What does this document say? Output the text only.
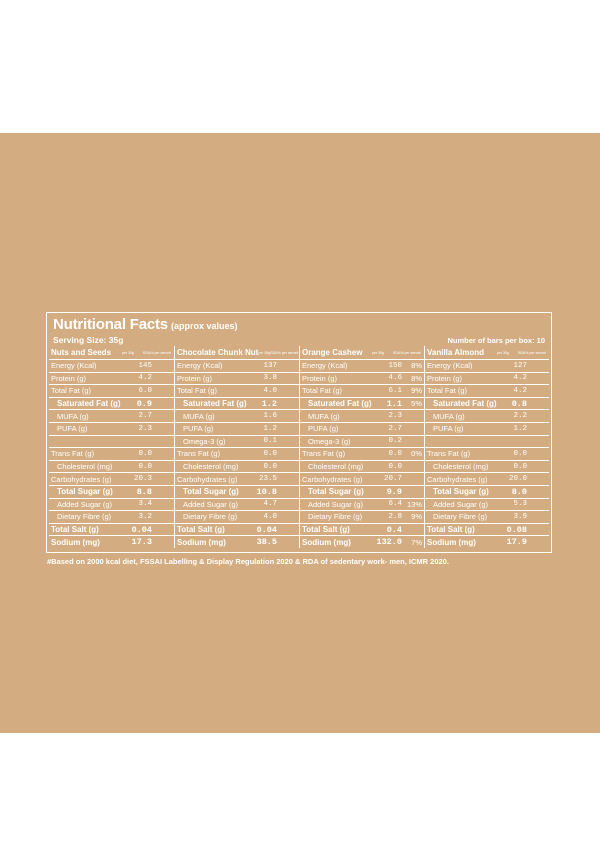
Nutritional Facts (approx values)
Serving Size: 35g	Number of bars per box: 10
Nuts and Seeds	per 35g	RDA% per serve#
Energy (Kcal)	145
Protein (g)	4.2
Total Fat (g)	6.0
Saturated Fat (g)	0.9
MUFA (g)	2.7
PUFA (g)	2.3
Trans Fat (g)	0.0
Cholesterol (mg)	0.0
Carbohydrates (g)	20.3
Total Sugar (g)	8.8
Added Sugar (g)	3.4
Dietary Fibre (g)	3.2
Total Salt (g)	0.04
Sodium (mg)	17.3
Chocolate Chunk Nut per 35g RDA% per serve#
Energy (Kcal)	137
Protein (g)	3.8
Total Fat (g)	4.0
Saturated Fat (g)	1.2
MUFA (g)	1.6
PUFA (g)	1.2
Omega-3 (g)	0.1
Trans Fat (g)	0.0
Cholesterol (mg)	0.0
Carbohydrates (g)	23.5
Total Sugar (g)	10.8
Added Sugar (g)	4.7
Dietary Fibre (g)	4.0
Total Salt (g)	0.04
Sodium (mg)	38.5
Orange Cashew	per 35g	RDA% per serve#
Energy (Kcal)	150	8%
Protein (g)	4.6	8%
Total Fat (g)	6.1	9%
Saturated Fat (g)	1.1	5%
MUFA (g)	2.3
PUFA (g)	2.7
Omega-3 (g)	0.2
Trans Fat (g)	0.0	0%
Cholesterol (mg)	0.0
Carbohydrates (g)	20.7
Total Sugar (g)	9.9
Added Sugar (g)	6.4 13%
Dietary Fibre (g)	2.8	9%
Total Salt (g)	0.4
Sodium (mg)	132.0	7%
Vanilla Almond	per 35g	RDA% per serve#
Energy (Kcal)	127
Protein (g)	4.2
Total Fat (g)	4.2
Saturated Fat (g)	0.8
MUFA (g)	2.2
PUFA (g)	1.2
Trans Fat (g)	0.0
Cholesterol (mg)	0.0
Carbohydrates (g)	20.0
Total Sugar (g)	8.0
Added Sugar (g)	5.3
Dietary Fibre (g)	3.9
Total Salt (g)	0.08
Sodium (mg)	17.9
#Based on 2000 kcal diet, FSSAI Labelling & Display Regulation 2020 & RDA of sedentary work- men, ICMR 2020.
